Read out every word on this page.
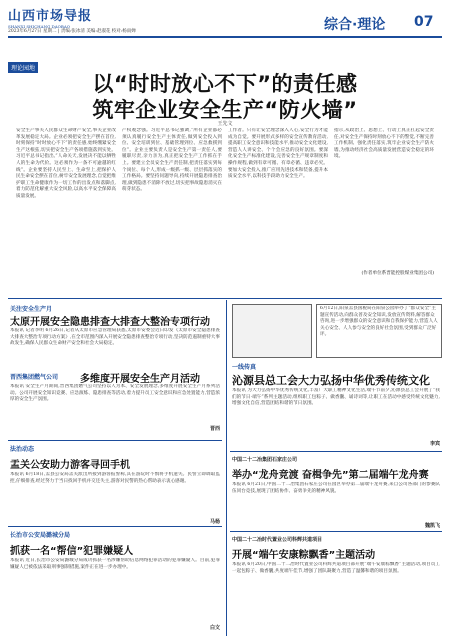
山西市场导报
SHANXI SHICHANG DAOBAO
2023年6月27日 星期二 | 责编:张冰清 美编:赵淑花 校对:杨雨婵	综合·理论 07
理论园地
以“时时放心不下”的责任感
筑牢企业安全生产“防火墙”
王先文
安全生产事关人民群众生命财产安全,事关企业改革发展稳定大局。企业必须把安全生产摆在首位,时刻保持“时时放心不下”的责任感,始终绷紧安全生产这根弦,切实把安全生产各项措施落到实处。习近平总书记指出,“人命关天,发展决不能以牺牲人的生命为代价。这必须作为一条不可逾越的红线”。企业要坚持人民至上、生命至上,把保护人民生命安全摆在首位,树牢安全发展理念,自觉把维护职工生命健康作为一切工作的出发点和落脚点,着力防范化解重大安全风险,以高水平安全保障高质量发展。
产权观念强。习近平总书记强调,“所有企业都必须认真履行安全生产主体责任,做到安全投入到位、安全培训到位、基础管理到位、应急救援到位”。企业主要负责人是安全生产第一责任人,要履职尽责,亲力亲为,真正把安全生产工作抓在手上。要建立全员安全生产责任制,把责任落实到每个岗位、每个人,形成一级抓一级、层层抓落实的工作格局。要坚持问题导向,持续开展隐患排查治理,做到隐患不消除不放过,切实把事故隐患消灭在萌芽状态。
工作者。只有让安全理念深入人心,安全行为才能成为自觉。要开展形式多样的安全宣传教育活动,提高职工安全意识和技能水平,推动安全文化建设,营造人人讲安全、个个会应急的良好氛围。要深化安全生产标准化建设,完善安全生产规章制度和操作规程,做到有章可循、有章必循、违章必究。要加大安全投入,推广应用先进技术和装备,提升本质安全水平,以科技手段助力安全生产。
指示,从政治上、思想上、行动上真正扛起安全责任,对安全生产保持时刻放心不下的警觉,不断完善工作机制、强化责任落实,筑牢企业安全生产防火墙,为推动经济社会高质量发展营造安全稳定的环境。
(作者单位系晋能控股煤业集团公司)
关注安全生产月
太原开展安全隐患排查大排查大整治专项行动
本报讯 记者李明 6月26日,记者从太原市应急管理局获悉,太原市安委会近日印发《太原市安全隐患排查大排查大整治专项行动方案》,在全市范围内深入开展安全隐患排查整治专项行动,坚决防范遏制重特大事故发生,确保人民群众生命财产安全和社会大局稳定。
晋西集团燃气公司 多维度开展安全生产月活动
本报讯 安全生产月期间,晋西集团燃气公司坚持以人为本、安全发展理念,多维度开展安全生产月系列活动。公司开展安全知识竞赛、应急演练、隐患排查等活动,着力提升员工安全意识和应急处置能力,营造浓厚的安全生产氛围。
晋西
法治动态
盂关公安助力游客寻回手机
本报讯 6月18日,盂县公安局盂关派出所接到游客报警称,其在游玩时不慎将手机遗失。民警立即调取监控,仔细排查,经过努力于当日找回手机并交还失主,游客对民警的热心帮助表示衷心感谢。
马杨
长治市公安局潞城分局
抓获一名“帮信”犯罪嫌疑人
本报讯 近日,长治市公安局潞城分局成功抓获一名涉嫌帮助信息网络犯罪活动的犯罪嫌疑人。目前,犯罪嫌疑人已被依法采取刑事强制措施,案件正在进一步办理中。
白文
6月12日,阳泉盂县国税局在阳泉公园举办了“群众安全”主题宣传活动,向群众普及安全知识,发放宣传资料,解答群众咨询,进一步增强群众的安全意识和自我保护能力,营造人人关心安全、人人参与安全的良好社会氛围,受到群众广泛好评。
一线传真
沁源县总工会大力弘扬中华优秀传统文化
本报讯 为大力弘扬中华优秀传统文化,丰富广大职工精神文化生活,端午节前夕,沁源县总工会开展了“我们的节日·端午”系列主题活动,组织职工包粽子、做香囊、诵诗词等,让职工在活动中感受传统文化魅力,增强文化自信,营造团结和谐的节日氛围。
李宾
中国二十二冶集团石家庄公司
举办“龙舟竞渡 奋楫争先”第二届端午龙舟赛
本报讯 6月21日,中国二十二冶集团石家庄公司在园区举办第二届端午龙舟赛,来自公司各部门的参赛队伍同台竞技,展现了团结协作、奋勇争先的精神风貌。
魏凯飞
中国二十二冶时代置业公司科辉共道项目
开展“端午安康粽飘香”主题活动
本报讯 6月20日,中国二十二冶时代置业公司科辉共道项目部开展“端午安康粽飘香”主题活动,项目员工一起包粽子、做香囊,共度端午佳节,增强了团队凝聚力,营造了温馨和谐的项目氛围。
